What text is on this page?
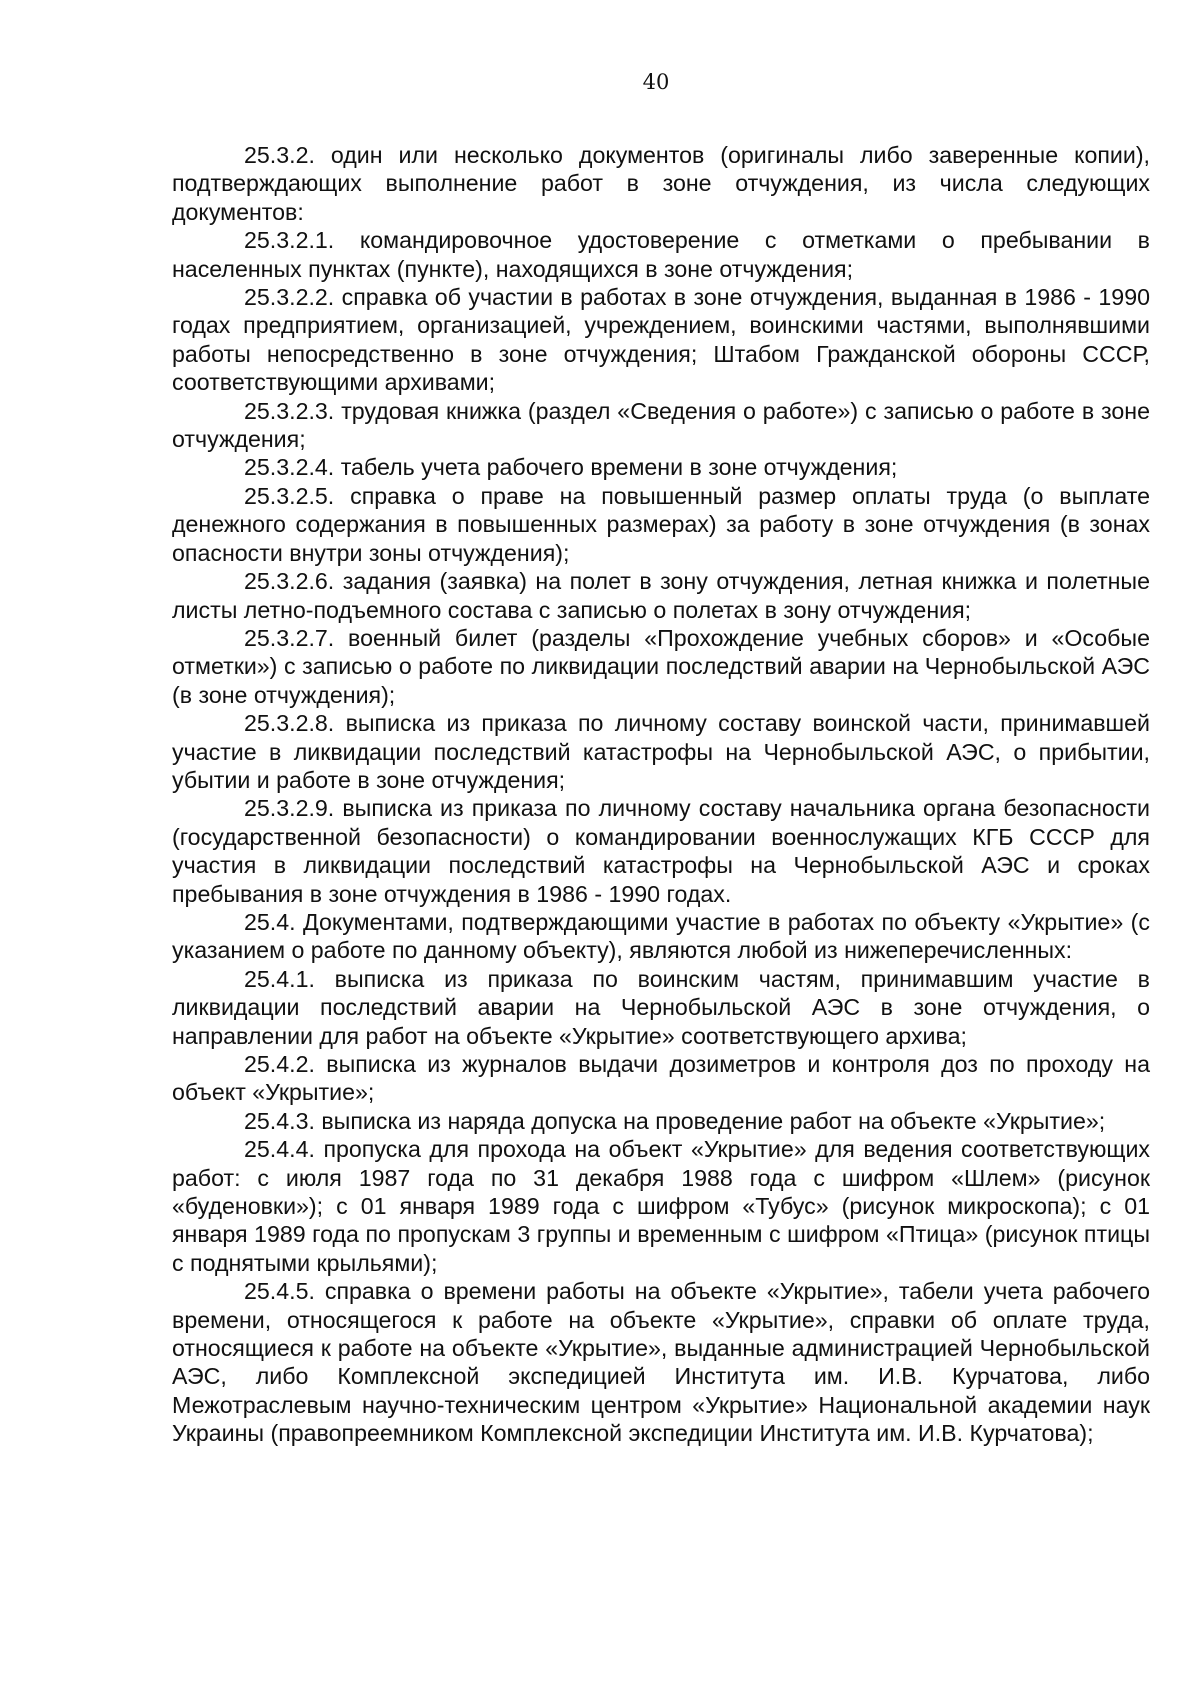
40

25.3.2. один или несколько документов (оригиналы либо заверенные копии), подтверждающих выполнение работ в зоне отчуждения, из числа следующих документов:

25.3.2.1. командировочное удостоверение с отметками о пребывании в населенных пунктах (пункте), находящихся в зоне отчуждения;

25.3.2.2. справка об участии в работах в зоне отчуждения, выданная в 1986 - 1990 годах предприятием, организацией, учреждением, воинскими частями, выполнявшими работы непосредственно в зоне отчуждения; Штабом Гражданской обороны СССР, соответствующими архивами;

25.3.2.3. трудовая книжка (раздел «Сведения о работе») с записью о работе в зоне отчуждения;

25.3.2.4. табель учета рабочего времени в зоне отчуждения;

25.3.2.5. справка о праве на повышенный размер оплаты труда (о выплате денежного содержания в повышенных размерах) за работу в зоне отчуждения (в зонах опасности внутри зоны отчуждения);

25.3.2.6. задания (заявка) на полет в зону отчуждения, летная книжка и полетные листы летно-подъемного состава с записью о полетах в зону отчуждения;

25.3.2.7. военный билет (разделы «Прохождение учебных сборов» и «Особые отметки») с записью о работе по ликвидации последствий аварии на Чернобыльской АЭС (в зоне отчуждения);

25.3.2.8. выписка из приказа по личному составу воинской части, принимавшей участие в ликвидации последствий катастрофы на Чернобыльской АЭС, о прибытии, убытии и работе в зоне отчуждения;

25.3.2.9. выписка из приказа по личному составу начальника органа безопасности (государственной безопасности) о командировании военнослужащих КГБ СССР для участия в ликвидации последствий катастрофы на Чернобыльской АЭС и сроках пребывания в зоне отчуждения в 1986 - 1990 годах.

25.4. Документами, подтверждающими участие в работах по объекту «Укрытие» (с указанием о работе по данному объекту), являются любой из нижеперечисленных:

25.4.1. выписка из приказа по воинским частям, принимавшим участие в ликвидации последствий аварии на Чернобыльской АЭС в зоне отчуждения, о направлении для работ на объекте «Укрытие» соответствующего архива;

25.4.2. выписка из журналов выдачи дозиметров и контроля доз по проходу на объект «Укрытие»;

25.4.3. выписка из наряда допуска на проведение работ на объекте «Укрытие»;

25.4.4. пропуска для прохода на объект «Укрытие» для ведения соответствующих работ: с июля 1987 года по 31 декабря 1988 года с шифром «Шлем» (рисунок «буденовки»); с 01 января 1989 года с шифром «Тубус» (рисунок микроскопа); с 01 января 1989 года по пропускам 3 группы и временным с шифром «Птица» (рисунок птицы с поднятыми крыльями);

25.4.5. справка о времени работы на объекте «Укрытие», табели учета рабочего времени, относящегося к работе на объекте «Укрытие», справки об оплате труда, относящиеся к работе на объекте «Укрытие», выданные администрацией Чернобыльской АЭС, либо Комплексной экспедицией Института им. И.В. Курчатова, либо Межотраслевым научно-техническим центром «Укрытие» Национальной академии наук Украины (правопреемником Комплексной экспедиции Института им. И.В. Курчатова);
